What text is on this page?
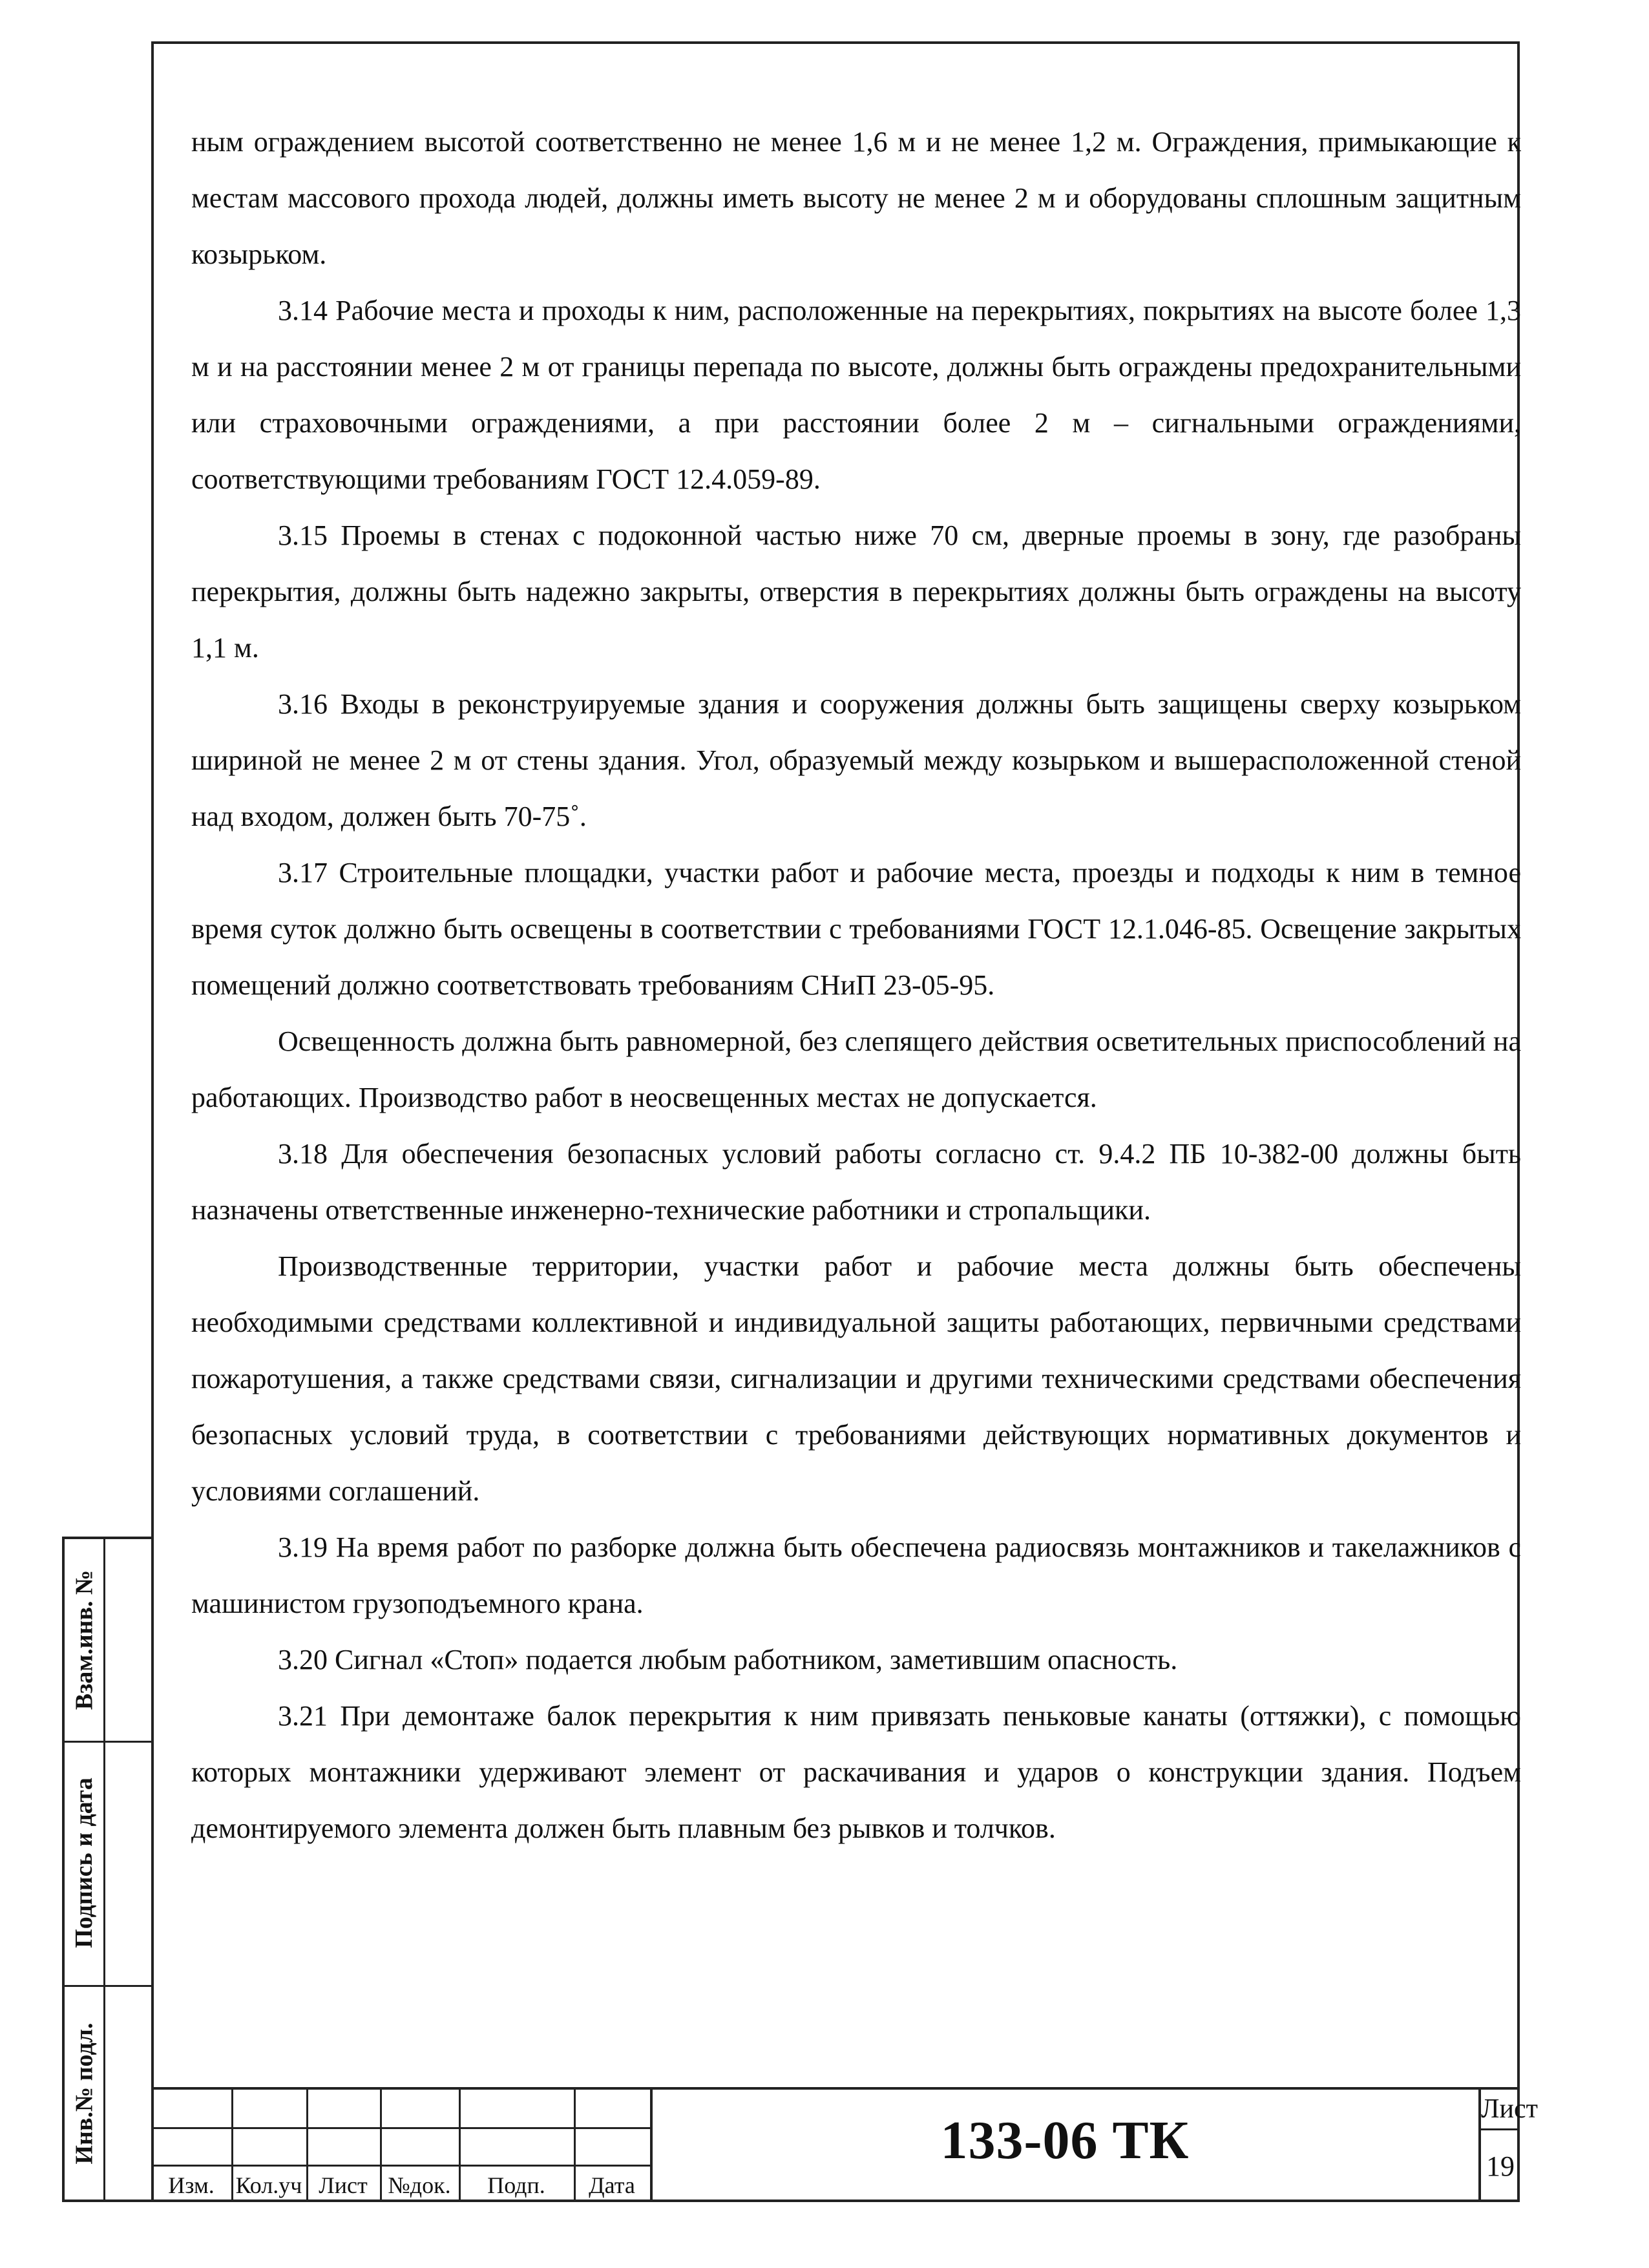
ным ограждением высотой соответственно не менее 1,6 м и не менее 1,2 м. Ограждения, примыкающие к местам массового прохода людей, должны иметь высоту не менее 2 м и оборудованы сплошным защитным козырьком.

3.14 Рабочие места и проходы к ним, расположенные на перекрытиях, покрытиях на высоте более 1,3 м и на расстоянии менее 2 м от границы перепада по высоте, должны быть ограждены предохранительными или страховочными ограждениями, а при расстоянии более 2 м – сигнальными ограждениями, соответствующими требованиям ГОСТ 12.4.059-89.

3.15 Проемы в стенах с подоконной частью ниже 70 см, дверные проемы в зону, где разобраны перекрытия, должны быть надежно закрыты, отверстия в перекрытиях должны быть ограждены на высоту 1,1 м.

3.16 Входы в реконструируемые здания и сооружения должны быть защищены сверху козырьком шириной не менее 2 м от стены здания. Угол, образуемый между козырьком и вышерасположенной стеной над входом, должен быть 70-75˚.

3.17 Строительные площадки, участки работ и рабочие места, проезды и подходы к ним в темное время суток должно быть освещены в соответствии с требованиями ГОСТ 12.1.046-85. Освещение закрытых помещений должно соответствовать требованиям СНиП 23-05-95.

Освещенность должна быть равномерной, без слепящего действия осветительных приспособлений на работающих. Производство работ в неосвещенных местах не допускается.

3.18 Для обеспечения безопасных условий работы согласно ст. 9.4.2 ПБ 10-382-00 должны быть назначены ответственные инженерно-технические работники и стропальщики.

Производственные территории, участки работ и рабочие места должны быть обеспечены необходимыми средствами коллективной и индивидуальной защиты работающих, первичными средствами пожаротушения, а также средствами связи, сигнализации и другими техническими средствами обеспечения безопасных условий труда, в соответствии с требованиями действующих нормативных документов и условиями соглашений.

3.19 На время работ по разборке должна быть обеспечена радиосвязь монтажников и такелажников с машинистом грузоподъемного крана.

3.20 Сигнал «Стоп» подается любым работником, заметившим опасность.

3.21 При демонтаже балок перекрытия к ним привязать пеньковые канаты (оттяжки), с помощью которых монтажники удерживают элемент от раскачивания и ударов о конструкции здания. Подъем демонтируемого элемента должен быть плавным без рывков и толчков.

Изм. Кол.уч Лист №док.	Подп.	Дата
133-06 ТК
Лист
19
Взам.инв. №
Подпись и дата
Инв.№ подл.
